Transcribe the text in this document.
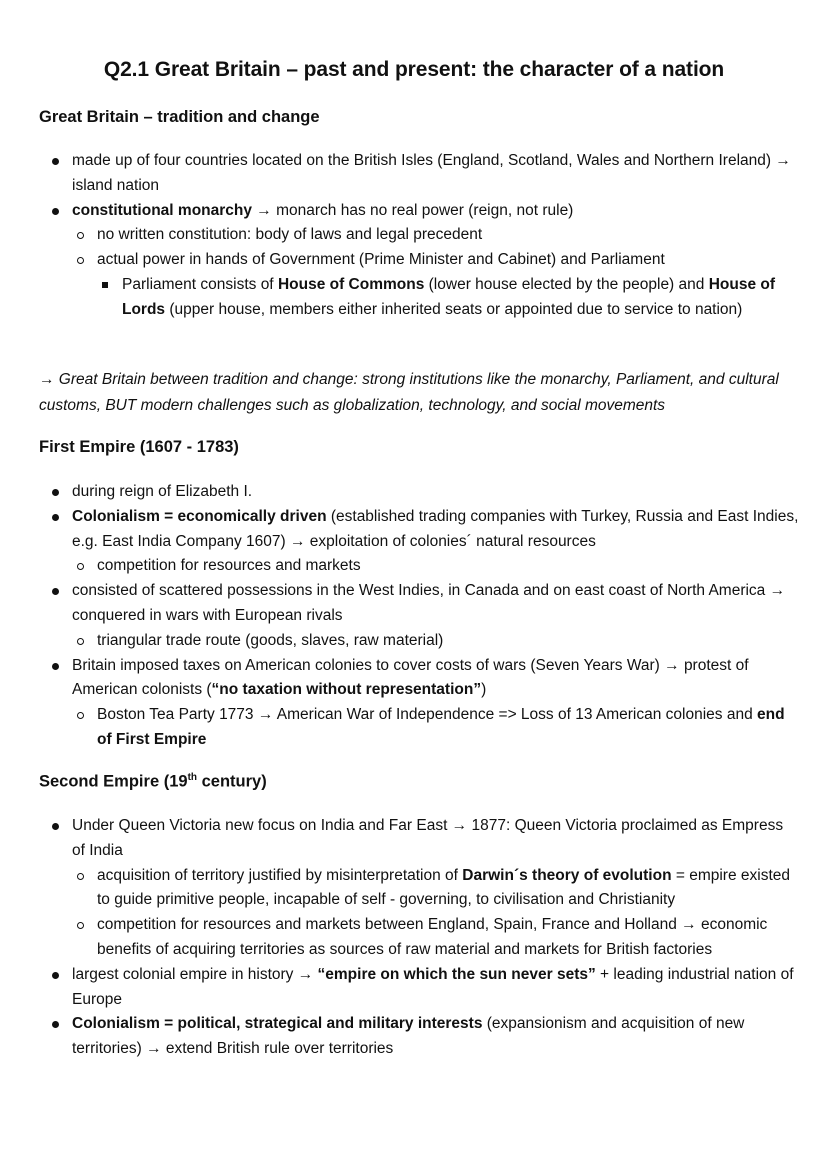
Q2.1 Great Britain – past and present: the character of a nation
Great Britain – tradition and change
made up of four countries located on the British Isles (England, Scotland, Wales and Northern Ireland) → island nation
constitutional monarchy → monarch has no real power (reign, not rule)
no written constitution: body of laws and legal precedent
actual power in hands of Government (Prime Minister and Cabinet) and Parliament
Parliament consists of House of Commons (lower house elected by the people) and House of Lords (upper house, members either inherited seats or appointed due to service to nation)

→ Great Britain between tradition and change: strong institutions like the monarchy, Parliament, and cultural customs, BUT modern challenges such as globalization, technology, and social movements

First Empire (1607 - 1783)
during reign of Elizabeth I.
Colonialism = economically driven (established trading companies with Turkey, Russia and East Indies, e.g. East India Company 1607) → exploitation of colonies´ natural resources
competition for resources and markets
consisted of scattered possessions in the West Indies, in Canada and on east coast of North America → conquered in wars with European rivals
triangular trade route (goods, slaves, raw material)
Britain imposed taxes on American colonies to cover costs of wars (Seven Years War) → protest of American colonists (“no taxation without representation”)
Boston Tea Party 1773 → American War of Independence => Loss of 13 American colonies and end of First Empire
Second Empire (19th century)
Under Queen Victoria new focus on India and Far East → 1877: Queen Victoria proclaimed as Empress of India
acquisition of territory justified by misinterpretation of Darwin´s theory of evolution = empire existed to guide primitive people, incapable of self - governing, to civilisation and Christianity
competition for resources and markets between England, Spain, France and Holland → economic benefits of acquiring territories as sources of raw material and markets for British factories
largest colonial empire in history → “empire on which the sun never sets” + leading industrial nation of Europe
Colonialism = political, strategical and military interests (expansionism and acquisition of new territories) → extend British rule over territories
